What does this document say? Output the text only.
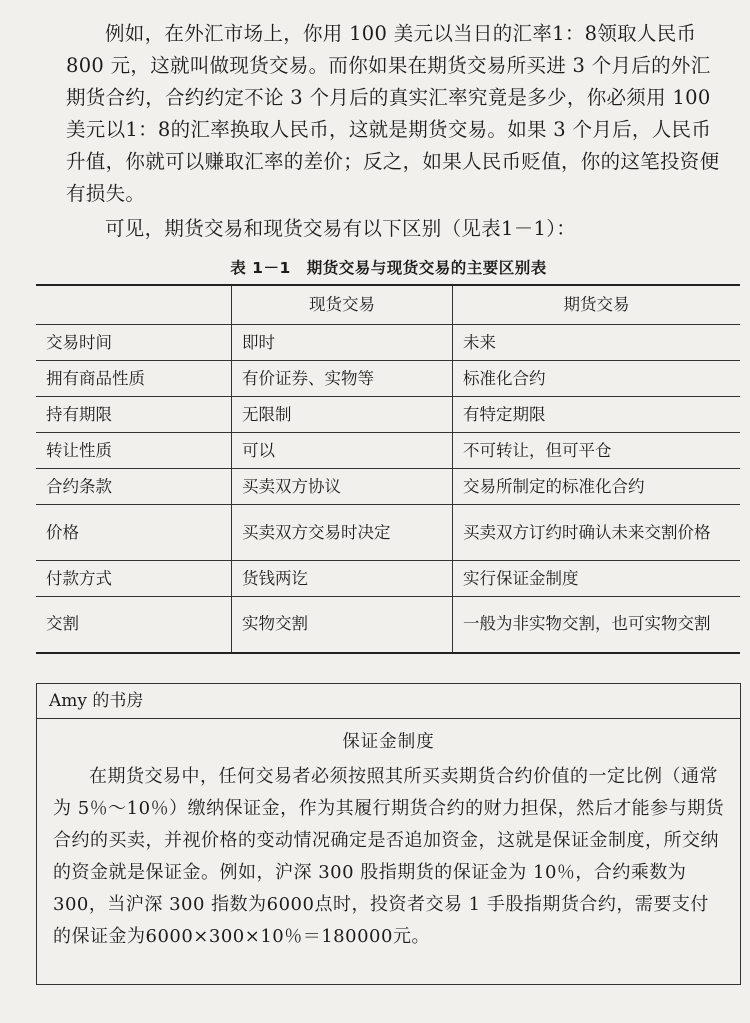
例如，在外汇市场上，你用 100 美元以当日的汇率1：8领取人民币 800 元，这就叫做现货交易。而你如果在期货交易所买进 3 个月后的外汇期货合约，合约约定不论 3 个月后的真实汇率究竟是多少，你必须用 100 美元以1：8的汇率换取人民币，这就是期货交易。如果 3 个月后，人民币升值，你就可以赚取汇率的差价；反之，如果人民币贬值，你的这笔投资便有损失。

可见，期货交易和现货交易有以下区别（见表1－1）：

表 1－1　期货交易与现货交易的主要区别表
	现货交易	期货交易
交易时间	即时	未来
拥有商品性质	有价证券、实物等	标准化合约
持有期限	无限制	有特定期限
转让性质	可以	不可转让，但可平仓
合约条款	买卖双方协议	交易所制定的标准化合约
价格	买卖双方交易时决定	买卖双方订约时确认未来交割价格
付款方式	货钱两讫	实行保证金制度
交割	实物交割	一般为非实物交割，也可实物交割
Amy 的书房
保证金制度

在期货交易中，任何交易者必须按照其所买卖期货合约价值的一定比例（通常为 5％～10％）缴纳保证金，作为其履行期货合约的财力担保，然后才能参与期货合约的买卖，并视价格的变动情况确定是否追加资金，这就是保证金制度，所交纳的资金就是保证金。例如，沪深 300 股指期货的保证金为 10％，合约乘数为 300，当沪深 300 指数为6000点时，投资者交易 1 手股指期货合约，需要支付的保证金为6000×300×10％＝180000元。
